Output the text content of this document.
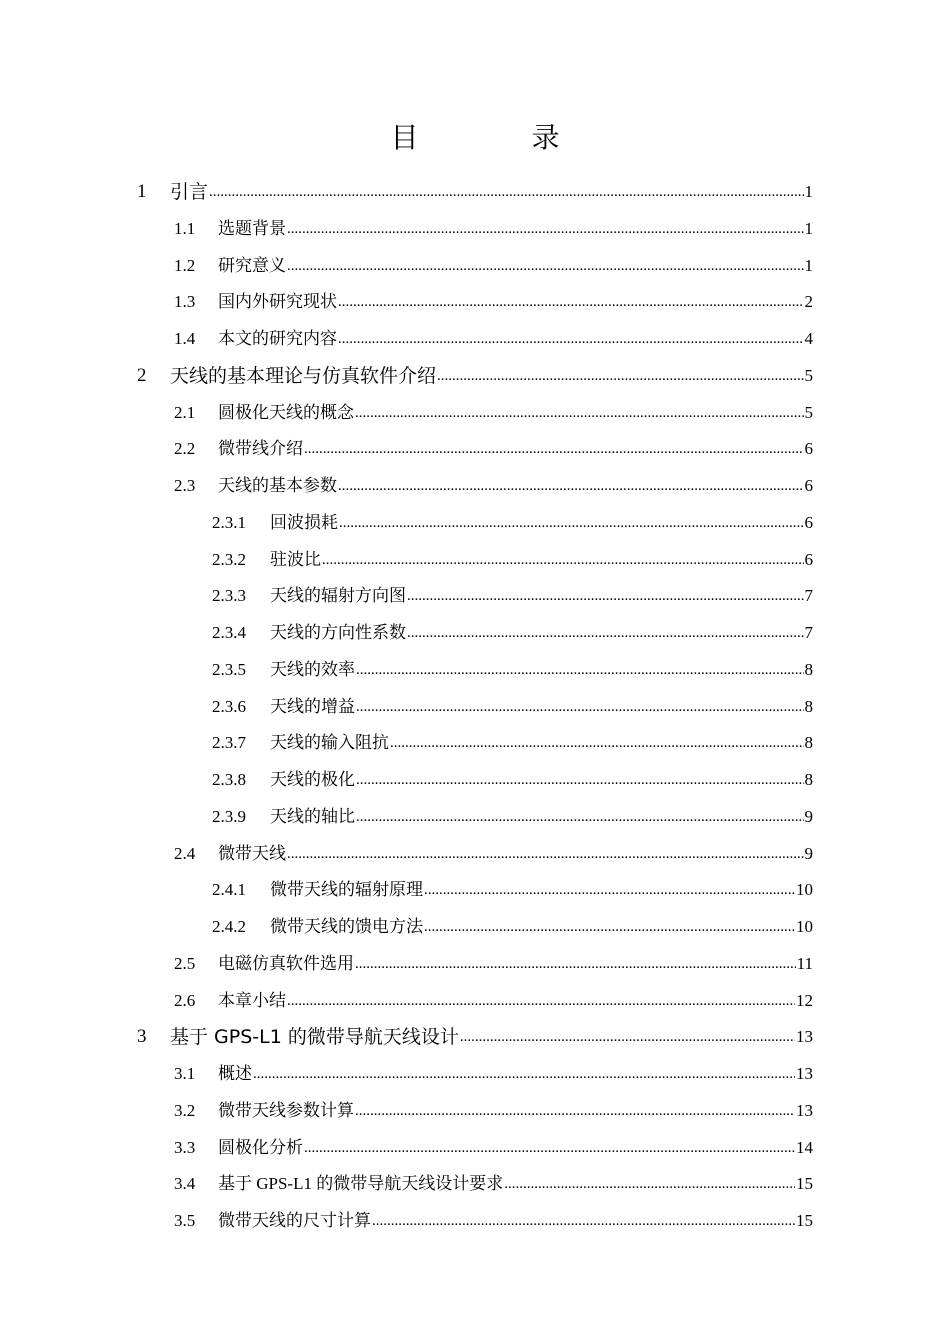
目 录
1	引言 .....	1
1.1	选题背景 .....	1
1.2	研究意义 .....	1
1.3	国内外研究现状 .....	2
1.4	本文的研究内容 .....	4
2	天线的基本理论与仿真软件介绍 .....	5
2.1	圆极化天线的概念 .....	5
2.2	微带线介绍 .....	6
2.3	天线的基本参数 .....	6
2.3.1	回波损耗 .....	6
2.3.2	驻波比 .....	6
2.3.3	天线的辐射方向图 .....	7
2.3.4	天线的方向性系数 .....	7
2.3.5	天线的效率 .....	8
2.3.6	天线的增益 .....	8
2.3.7	天线的输入阻抗 .....	8
2.3.8	天线的极化 .....	8
2.3.9	天线的轴比 .....	9
2.4	微带天线 .....	9
2.4.1	微带天线的辐射原理 .....	10
2.4.2	微带天线的馈电方法 .....	10
2.5	电磁仿真软件选用 .....	11
2.6	本章小结 .....	12
3	基于 GPS-L1 的微带导航天线设计 .....	13
3.1	概述 .....	13
3.2	微带天线参数计算 .....	13
3.3	圆极化分析 .....	14
3.4	基于 GPS-L1 的微带导航天线设计要求 .....	15
3.5	微带天线的尺寸计算 .....	15
